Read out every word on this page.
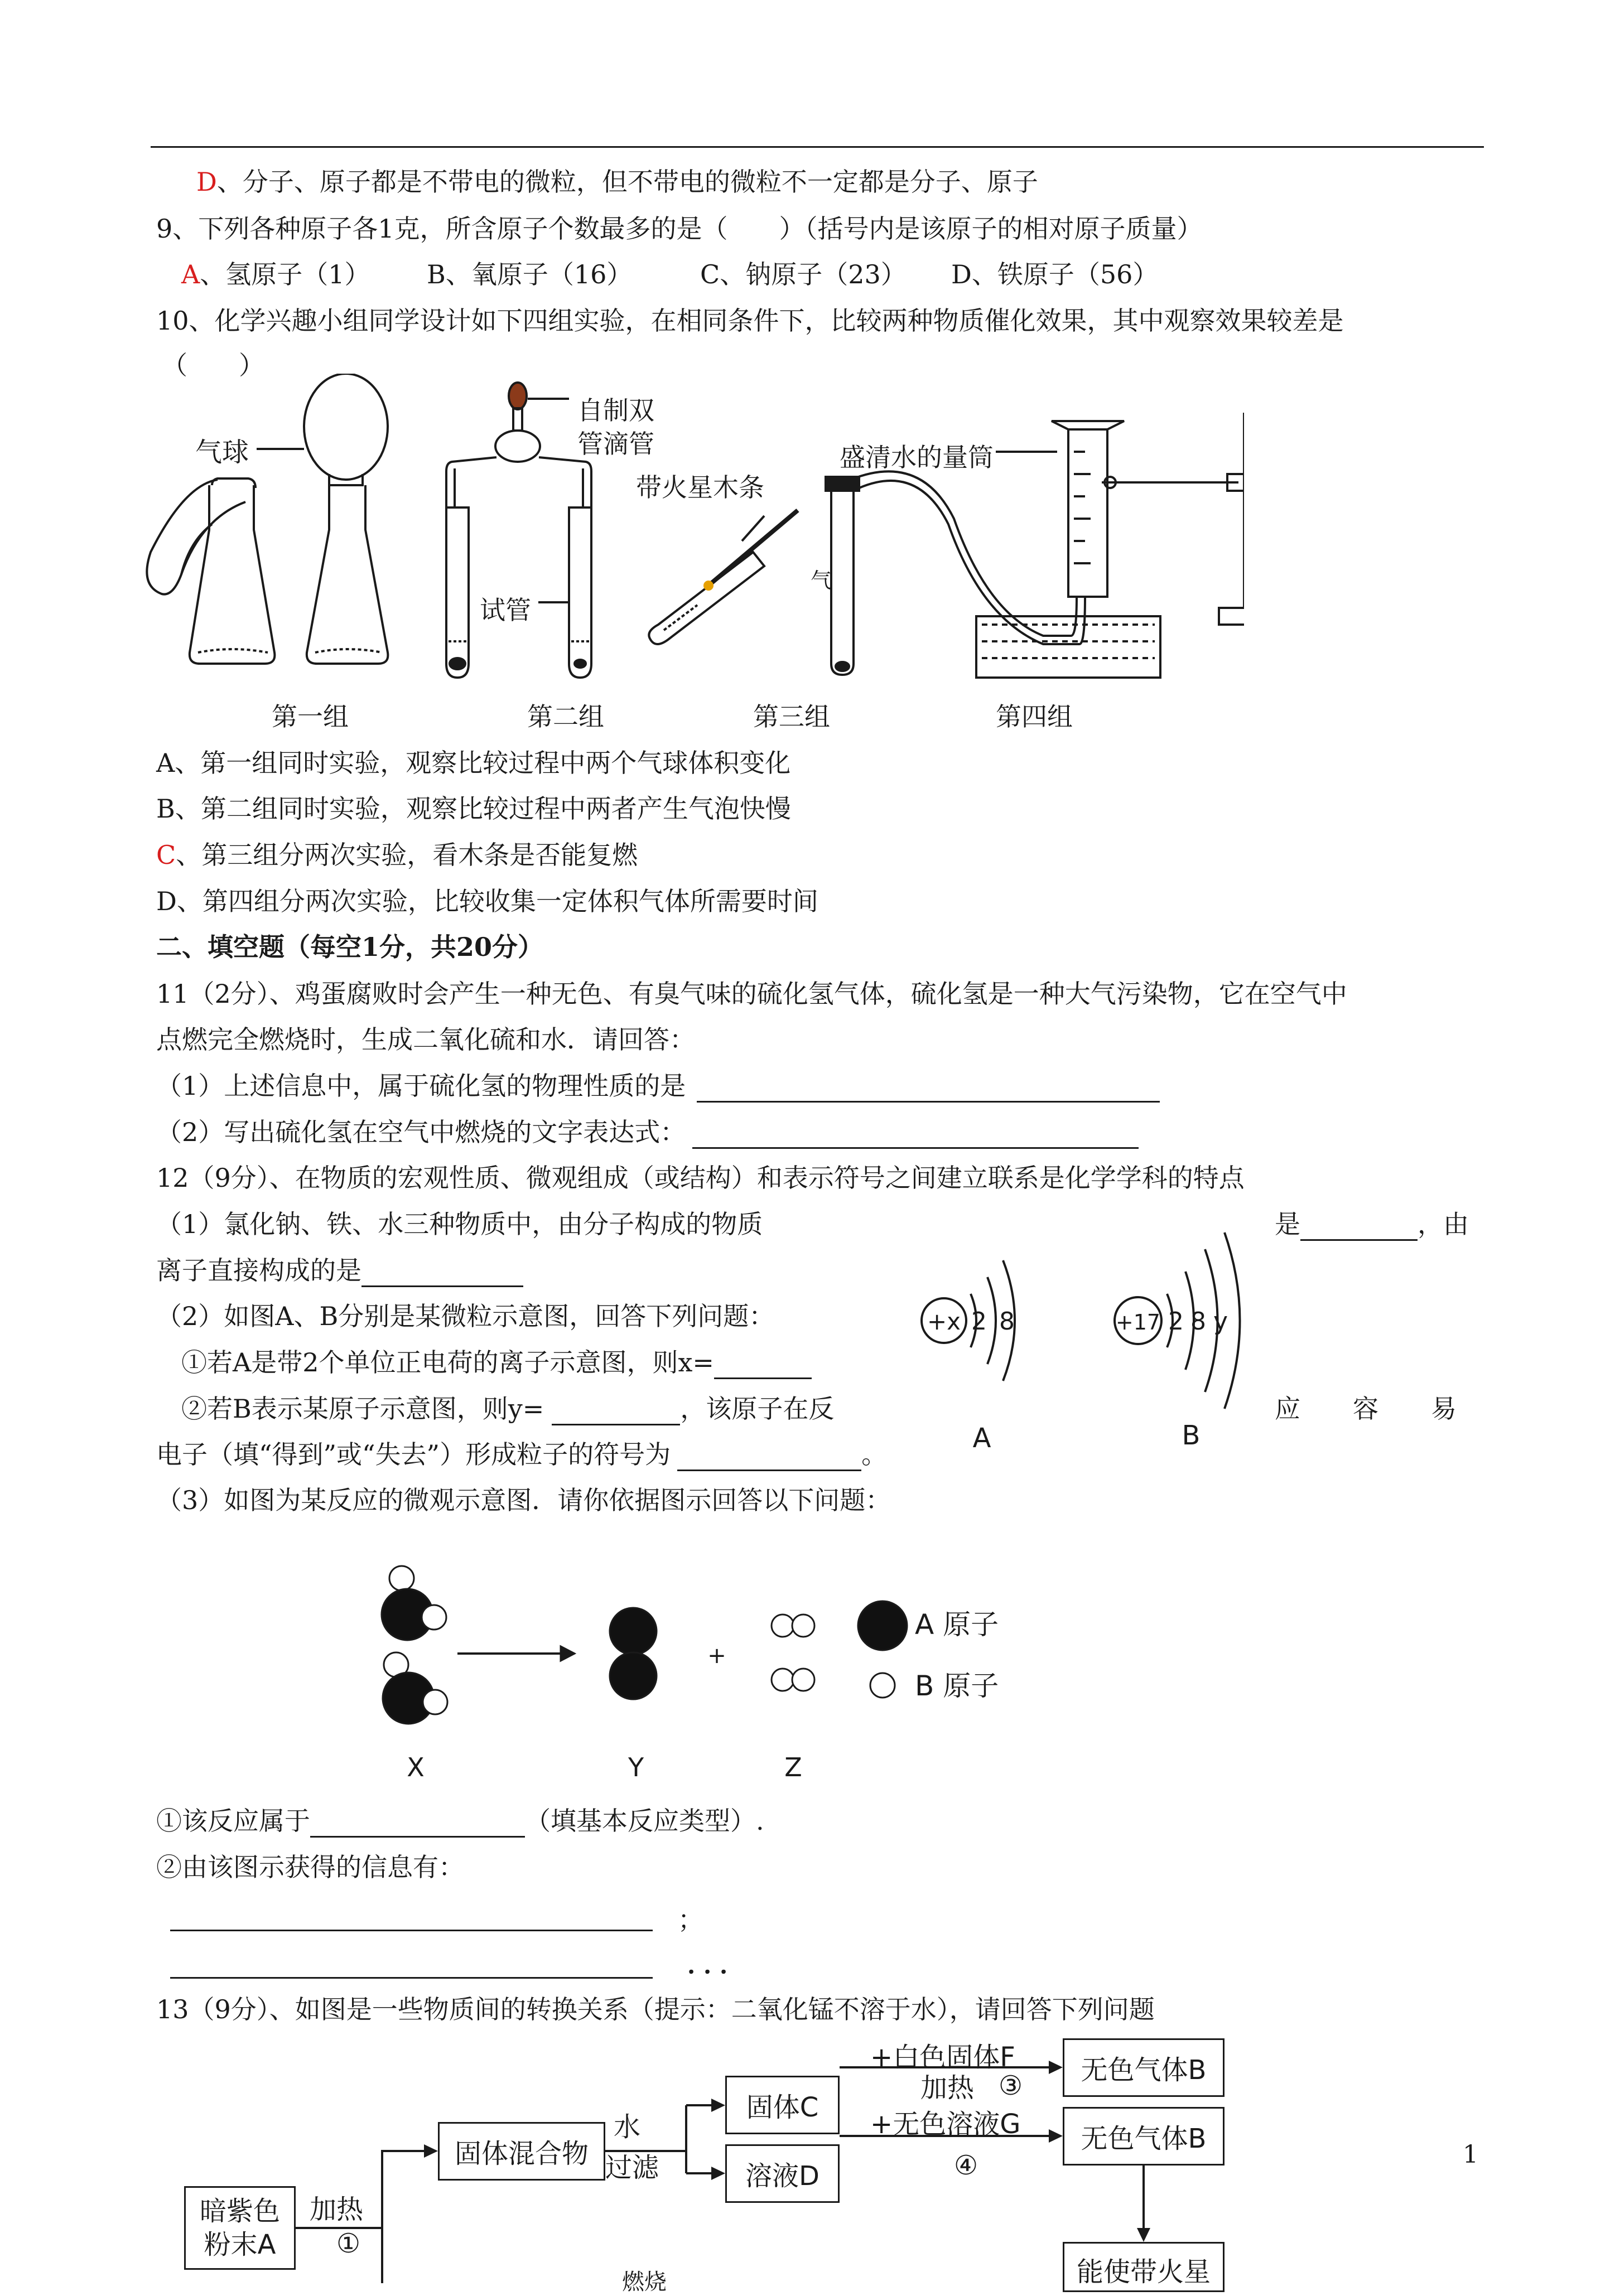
D、分子、原子都是不带电的微粒，但不带电的微粒不一定都是分子、原子
9、下列各种原子各1克，所含原子个数最多的是（　　）（括号内是该原子的相对原子质量）
A、氢原子（1） B、氧原子（16）	C、钠原子（23） D、铁原子（56）
10、化学兴趣小组同学设计如下四组实验，在相同条件下，比较两种物质催化效果，其中观察效果较差是
（　　）
气球
自制双
管滴管
带火星木条
试管
盛清水的量筒
气
第一组	第二组	第三组	第四组
A、第一组同时实验，观察比较过程中两个气球体积变化
B、第二组同时实验，观察比较过程中两者产生气泡快慢
C、第三组分两次实验，看木条是否能复燃
D、第四组分两次实验，比较收集一定体积气体所需要时间
二、填空题（每空1分，共20分）
11（2分）、鸡蛋腐败时会产生一种无色、有臭气味的硫化氢气体，硫化氢是一种大气污染物，它在空气中
点燃完全燃烧时，生成二氧化硫和水．请回答：
（1）上述信息中，属于硫化氢的物理性质的是
（2）写出硫化氢在空气中燃烧的文字表达式：
12（9分）、在物质的宏观性质、微观组成（或结构）和表示符号之间建立联系是化学学科的特点
（1）氯化钠、铁、水三种物质中，由分子构成的物质	是	，由
离子直接构成的是
（2）如图A、B分别是某微粒示意图，回答下列问题：
①若A是带2个单位正电荷的离子示意图，则x=
②若B表示某原子示意图，则y=	，该原子在反	应 容 易
电子（填“得到”或“失去”）形成粒子的符号为	。
+x 2 8	+17 2 8 y
A	B
（3）如图为某反应的微观示意图．请你依据图示回答以下问题：
+
A 原子
B 原子
X	Y	Z
①该反应属于	（填基本反应类型）.
②由该图示获得的信息有：
；
．．．
13（9分）、如图是一些物质间的转换关系（提示：二氧化锰不溶于水），请回答下列问题
暗紫色
粉末A
加热
①
固体混合物
水
过滤
固体C
溶液D
+白色固体F
加热 ③
+无色溶液G
④
无色气体B
无色气体B
能使带火星
燃烧
1
